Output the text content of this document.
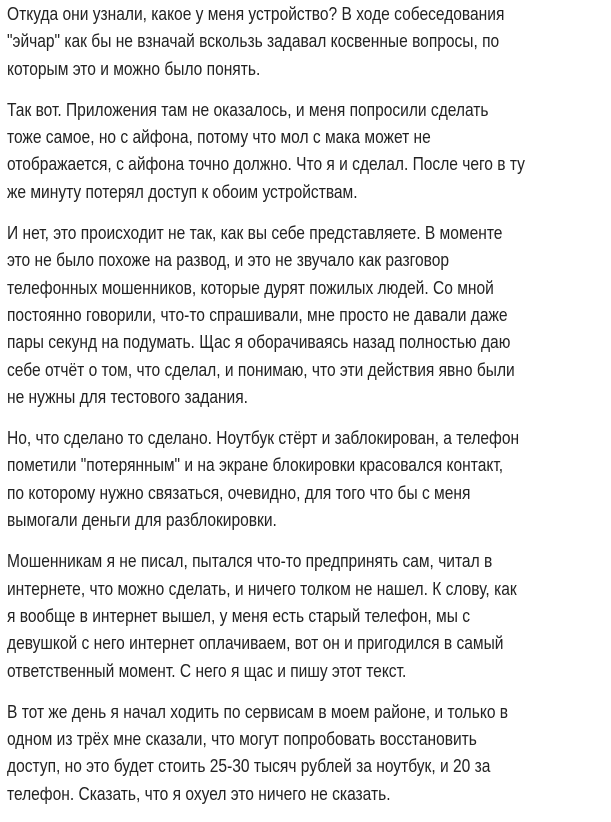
Откуда они узнали, какое у меня устройство? В ходе собеседования
"эйчар" как бы не взначай вскользь задавал косвенные вопросы, по
которым это и можно было понять.
Так вот. Приложения там не оказалось, и меня попросили сделать
тоже самое, но с айфона, потому что мол с мака может не
отображается, с айфона точно должно. Что я и сделал. После чего в ту
же минуту потерял доступ к обоим устройствам.
И нет, это происходит не так, как вы себе представляете. В моменте
это не было похоже на развод, и это не звучало как разговор
телефонных мошенников, которые дурят пожилых людей. Со мной
постоянно говорили, что-то спрашивали, мне просто не давали даже
пары секунд на подумать. Щас я оборачиваясь назад полностью даю
себе отчёт о том, что сделал, и понимаю, что эти действия явно были
не нужны для тестового задания.
Но, что сделано то сделано. Ноутбук стёрт и заблокирован, а телефон
пометили "потерянным" и на экране блокировки красовался контакт,
по которому нужно связаться, очевидно, для того что бы с меня
вымогали деньги для разблокировки.
Мошенникам я не писал, пытался что-то предпринять сам, читал в
интернете, что можно сделать, и ничего толком не нашел. К слову, как
я вообще в интернет вышел, у меня есть старый телефон, мы с
девушкой с него интернет оплачиваем, вот он и пригодился в самый
ответственный момент. С него я щас и пишу этот текст.
В тот же день я начал ходить по сервисам в моем районе, и только в
одном из трёх мне сказали, что могут попробовать восстановить
доступ, но это будет стоить 25-30 тысяч рублей за ноутбук, и 20 за
телефон. Сказать, что я охуел это ничего не сказать.
